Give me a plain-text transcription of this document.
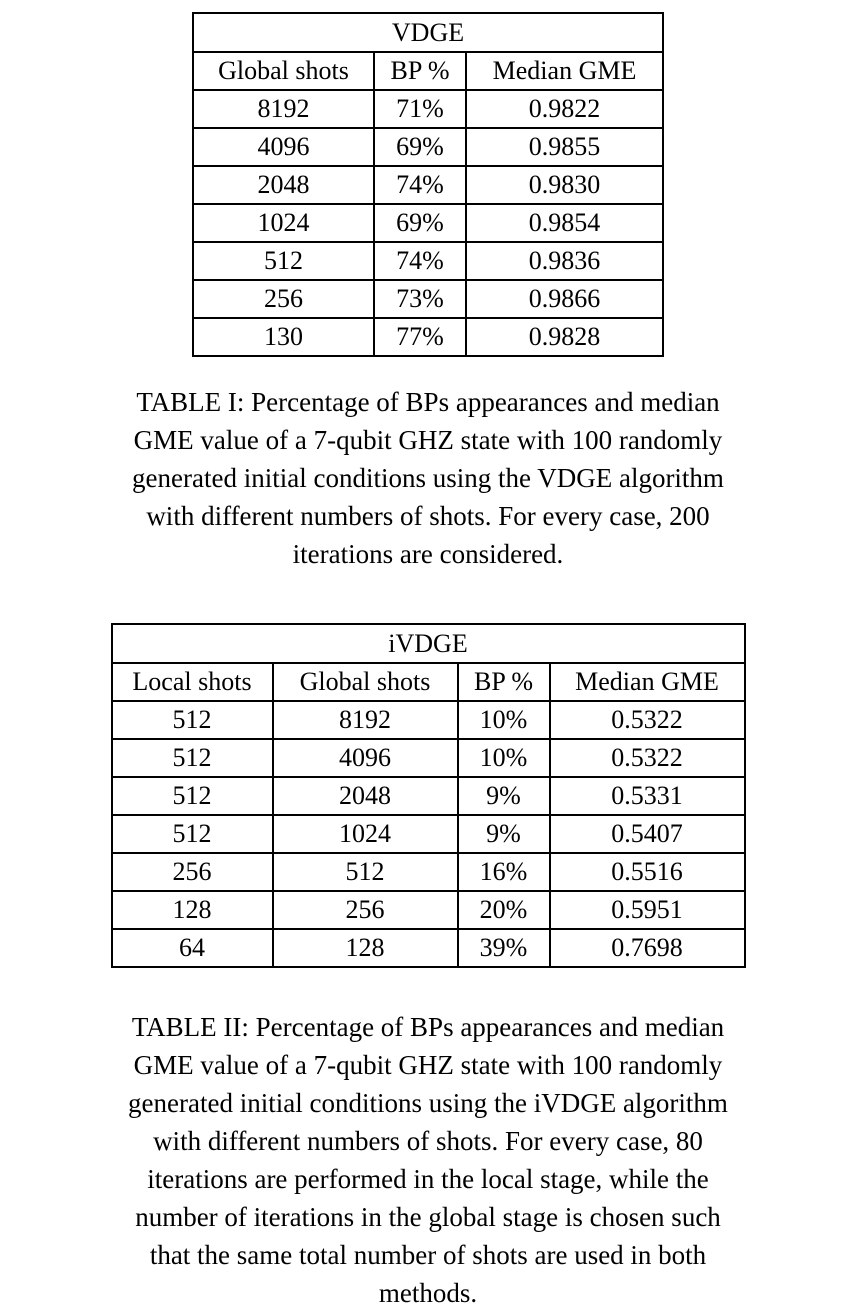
VDGE		
Global shots	BP %	Median GME
8192	71%	0.9822
4096	69%	0.9855
2048	74%	0.9830
1024	69%	0.9854
512	74%	0.9836
256	73%	0.9866
130	77%	0.9828
TABLE I: Percentage of BPs appearances and median
GME value of a 7-qubit GHZ state with 100 randomly
generated initial conditions using the VDGE algorithm
with different numbers of shots. For every case, 200
iterations are considered.
iVDGE			
Local shots	Global shots	BP %	Median GME
512	8192	10%	0.5322
512	4096	10%	0.5322
512	2048	9%	0.5331
512	1024	9%	0.5407
256	512	16%	0.5516
128	256	20%	0.5951
64	128	39%	0.7698
TABLE II: Percentage of BPs appearances and median
GME value of a 7-qubit GHZ state with 100 randomly
generated initial conditions using the iVDGE algorithm
with different numbers of shots. For every case, 80
iterations are performed in the local stage, while the
number of iterations in the global stage is chosen such
that the same total number of shots are used in both
methods.
